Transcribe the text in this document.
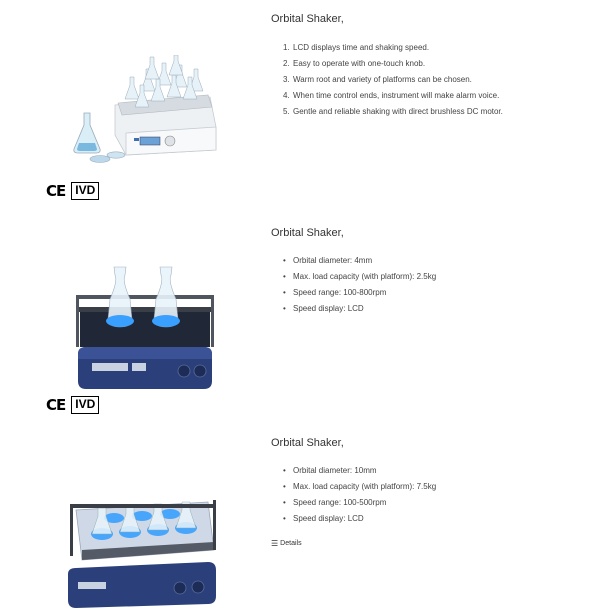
Orbital Shaker,
1. LCD displays time and shaking speed.
2. Easy to operate with one-touch knob.
3. Warm root and variety of platforms can be chosen.
4. When time control ends, instrument will make alarm voice.
5. Gentle and reliable shaking with direct brushless DC motor.
CE IVD
Orbital Shaker,
• Orbital diameter: 4mm
• Max. load capacity (with platform): 2.5kg
• Speed range: 100-800rpm
• Speed display: LCD
CE IVD
Orbital Shaker,
• Orbital diameter: 10mm
• Max. load capacity (with platform): 7.5kg
• Speed range: 100-500rpm
• Speed display: LCD
☰ Details
